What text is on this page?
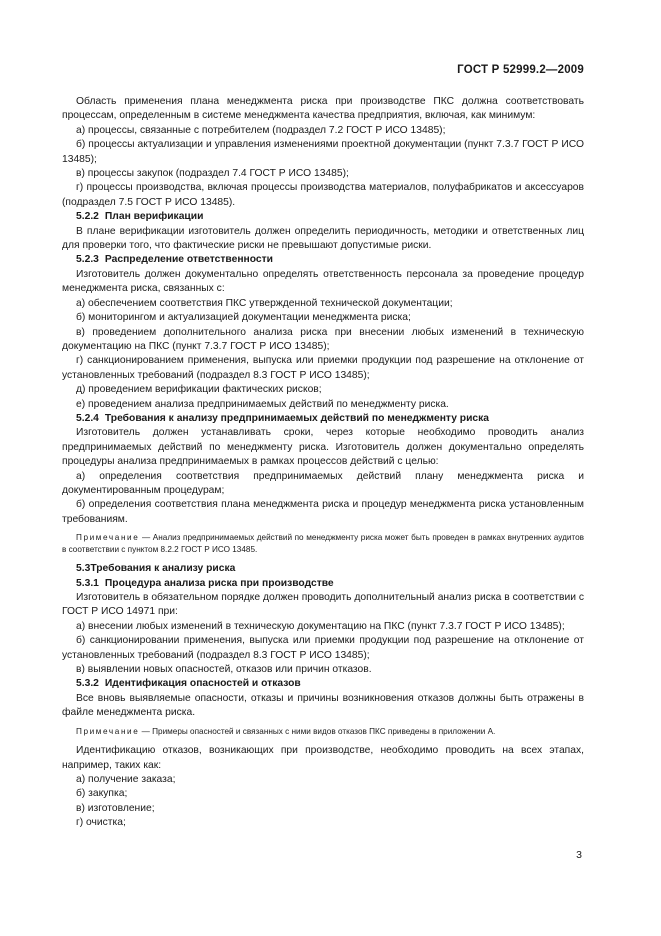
ГОСТ Р 52999.2—2009

Область применения плана менеджмента риска при производстве ПКС должна соответствовать процессам, определенным в системе менеджмента качества предприятия, включая, как минимум:

а) процессы, связанные с потребителем (подраздел 7.2 ГОСТ Р ИСО 13485);

б) процессы актуализации и управления изменениями проектной документации (пункт 7.3.7 ГОСТ Р ИСО 13485);

в) процессы закупок (подраздел 7.4 ГОСТ Р ИСО 13485);

г) процессы производства, включая процессы производства материалов, полуфабрикатов и аксессуаров (подраздел 7.5 ГОСТ Р ИСО 13485).

5.2.2 План верификации

В плане верификации изготовитель должен определить периодичность, методики и ответственных лиц для проверки того, что фактические риски не превышают допустимые риски.

5.2.3 Распределение ответственности

Изготовитель должен документально определять ответственность персонала за проведение процедур менеджмента риска, связанных с:

а) обеспечением соответствия ПКС утвержденной технической документации;

б) мониторингом и актуализацией документации менеджмента риска;

в) проведением дополнительного анализа риска при внесении любых изменений в техническую документацию на ПКС (пункт 7.3.7 ГОСТ Р ИСО 13485);

г) санкционированием применения, выпуска или приемки продукции под разрешение на отклонение от установленных требований (подраздел 8.3 ГОСТ Р ИСО 13485);

д) проведением верификации фактических рисков;

е) проведением анализа предпринимаемых действий по менеджменту риска.

5.2.4 Требования к анализу предпринимаемых действий по менеджменту риска

Изготовитель должен устанавливать сроки, через которые необходимо проводить анализ предпринимаемых действий по менеджменту риска. Изготовитель должен документально определять процедуры анализа предпринимаемых в рамках процессов действий с целью:

а) определения соответствия предпринимаемых действий плану менеджмента риска и документированным процедурам;

б) определения соответствия плана менеджмента риска и процедур менеджмента риска установленным требованиям.

Примечание — Анализ предпринимаемых действий по менеджменту риска может быть проведен в рамках внутренних аудитов в соответствии с пунктом 8.2.2 ГОСТ Р ИСО 13485.

5.3Требования к анализу риска

5.3.1 Процедура анализа риска при производстве

Изготовитель в обязательном порядке должен проводить дополнительный анализ риска в соответствии с ГОСТ Р ИСО 14971 при:

а) внесении любых изменений в техническую документацию на ПКС (пункт 7.3.7 ГОСТ Р ИСО 13485);

б) санкционировании применения, выпуска или приемки продукции под разрешение на отклонение от установленных требований (подраздел 8.3 ГОСТ Р ИСО 13485);

в) выявлении новых опасностей, отказов или причин отказов.

5.3.2 Идентификация опасностей и отказов

Все вновь выявляемые опасности, отказы и причины возникновения отказов должны быть отражены в файле менеджмента риска.

Примечание — Примеры опасностей и связанных с ними видов отказов ПКС приведены в приложении А.

Идентификацию отказов, возникающих при производстве, необходимо проводить на всех этапах, например, таких как:

а) получение заказа;

б) закупка;

в) изготовление;

г) очистка;

3
